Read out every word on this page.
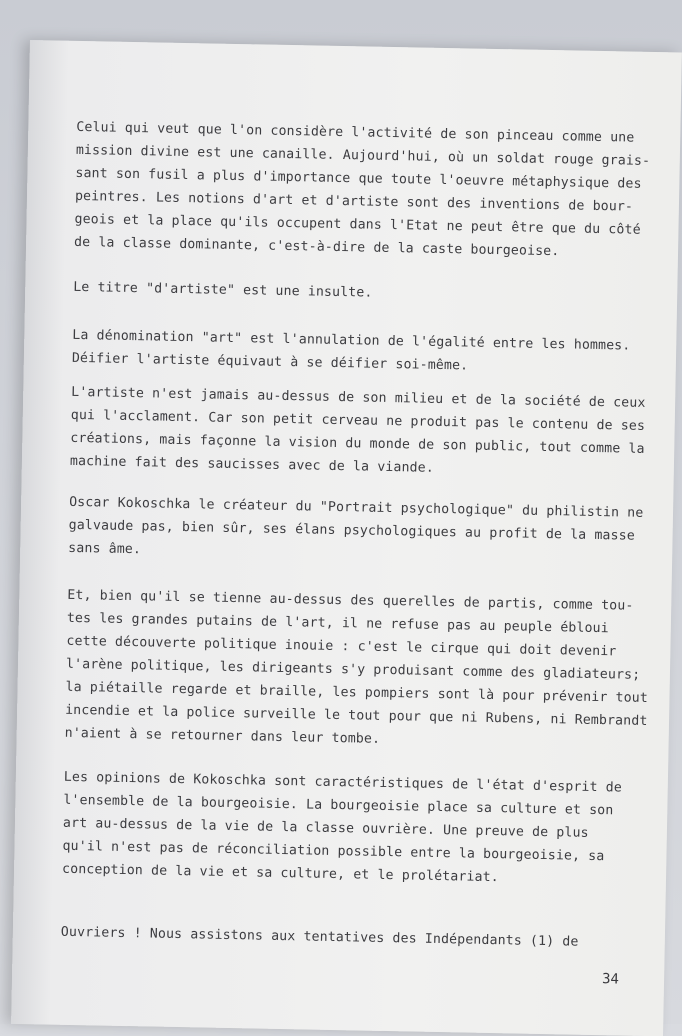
Celui qui veut que l'on considère l'activité de son pinceau comme une
mission divine est une canaille. Aujourd'hui, où un soldat rouge grais-
sant son fusil a plus d'importance que toute l'oeuvre métaphysique des
peintres. Les notions d'art et d'artiste sont des inventions de bour-
geois et la place qu'ils occupent dans l'Etat ne peut être que du côté
de la classe dominante, c'est-à-dire de la caste bourgeoise.
Le titre "d'artiste" est une insulte.
La dénomination "art" est l'annulation de l'égalité entre les hommes.
Déifier l'artiste équivaut à se déifier soi-même.
L'artiste n'est jamais au-dessus de son milieu et de la société de ceux
qui l'acclament. Car son petit cerveau ne produit pas le contenu de ses
créations, mais façonne la vision du monde de son public, tout comme la
machine fait des saucisses avec de la viande.
Oscar Kokoschka le créateur du "Portrait psychologique" du philistin ne
galvaude pas, bien sûr, ses élans psychologiques au profit de la masse
sans âme.
Et, bien qu'il se tienne au-dessus des querelles de partis, comme tou-
tes les grandes putains de l'art, il ne refuse pas au peuple ébloui
cette découverte politique inouie : c'est le cirque qui doit devenir
l'arène politique, les dirigeants s'y produisant comme des gladiateurs;
la piétaille regarde et braille, les pompiers sont là pour prévenir tout
incendie et la police surveille le tout pour que ni Rubens, ni Rembrandt
n'aient à se retourner dans leur tombe.
Les opinions de Kokoschka sont caractéristiques de l'état d'esprit de
l'ensemble de la bourgeoisie. La bourgeoisie place sa culture et son
art au-dessus de la vie de la classe ouvrière. Une preuve de plus
qu'il n'est pas de réconciliation possible entre la bourgeoisie, sa
conception de la vie et sa culture, et le prolétariat.
Ouvriers ! Nous assistons aux tentatives des Indépendants (1) de
34
